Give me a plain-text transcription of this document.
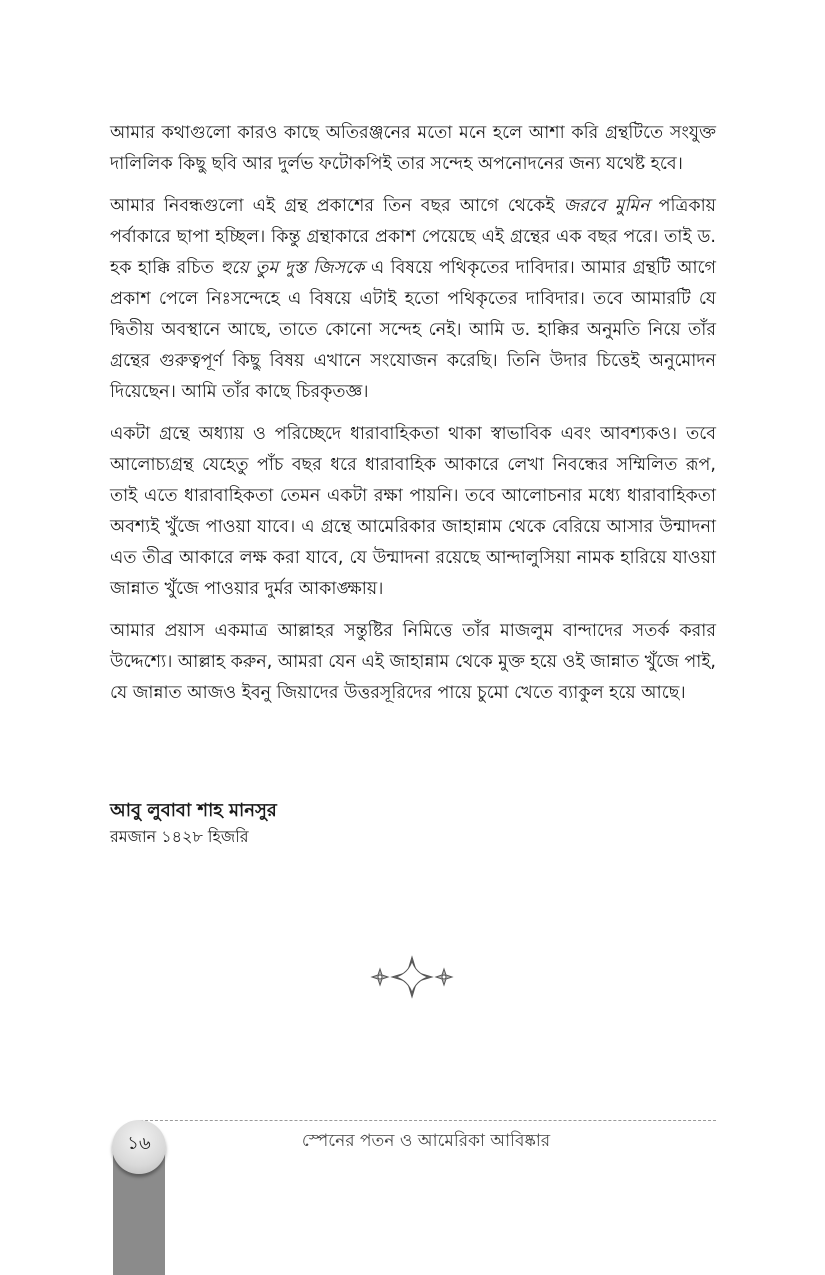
আমার কথাগুলো কারও কাছে অতিরঞ্জনের মতো মনে হলে আশা করি গ্রন্থটিতে সংযুক্ত দালিলিক কিছু ছবি আর দুর্লভ ফটোকপিই তার সন্দেহ অপনোদনের জন্য যথেষ্ট হবে।

আমার নিবন্ধগুলো এই গ্রন্থ প্রকাশের তিন বছর আগে থেকেই জরবে মুমিন পত্রিকায় পর্বাকারে ছাপা হচ্ছিল। কিন্তু গ্রন্থাকারে প্রকাশ পেয়েছে এই গ্রন্থের এক বছর পরে। তাই ড. হক হাক্কি রচিত হুয়ে তুম দুস্ত জিসকে এ বিষয়ে পথিকৃতের দাবিদার। আমার গ্রন্থটি আগে প্রকাশ পেলে নিঃসন্দেহে এ বিষয়ে এটাই হতো পথিকৃতের দাবিদার। তবে আমারটি যে দ্বিতীয় অবস্থানে আছে, তাতে কোনো সন্দেহ নেই। আমি ড. হাক্কির অনুমতি নিয়ে তাঁর গ্রন্থের গুরুত্বপূর্ণ কিছু বিষয় এখানে সংযোজন করেছি। তিনি উদার চিত্তেই অনুমোদন দিয়েছেন। আমি তাঁর কাছে চিরকৃতজ্ঞ।

একটা গ্রন্থে অধ্যায় ও পরিচ্ছেদে ধারাবাহিকতা থাকা স্বাভাবিক এবং আবশ্যকও। তবে আলোচ্যগ্রন্থ যেহেতু পাঁচ বছর ধরে ধারাবাহিক আকারে লেখা নিবন্ধের সম্মিলিত রূপ, তাই এতে ধারাবাহিকতা তেমন একটা রক্ষা পায়নি। তবে আলোচনার মধ্যে ধারাবাহিকতা অবশ্যই খুঁজে পাওয়া যাবে। এ গ্রন্থে আমেরিকার জাহান্নাম থেকে বেরিয়ে আসার উন্মাদনা এত তীব্র আকারে লক্ষ করা যাবে, যে উন্মাদনা রয়েছে আন্দালুসিয়া নামক হারিয়ে যাওয়া জান্নাত খুঁজে পাওয়ার দুর্মর আকাঙ্ক্ষায়।

আমার প্রয়াস একমাত্র আল্লাহর সন্তুষ্টির নিমিত্তে তাঁর মাজলুম বান্দাদের সতর্ক করার উদ্দেশ্যে। আল্লাহ করুন, আমরা যেন এই জাহান্নাম থেকে মুক্ত হয়ে ওই জান্নাত খুঁজে পাই, যে জান্নাত আজও ইবনু জিয়াদের উত্তরসূরিদের পায়ে চুমো খেতে ব্যাকুল হয়ে আছে।

আবু লুবাবা শাহ মানসুর
রমজান ১৪২৮ হিজরি
১৬	স্পেনের পতন ও আমেরিকা আবিষ্কার
